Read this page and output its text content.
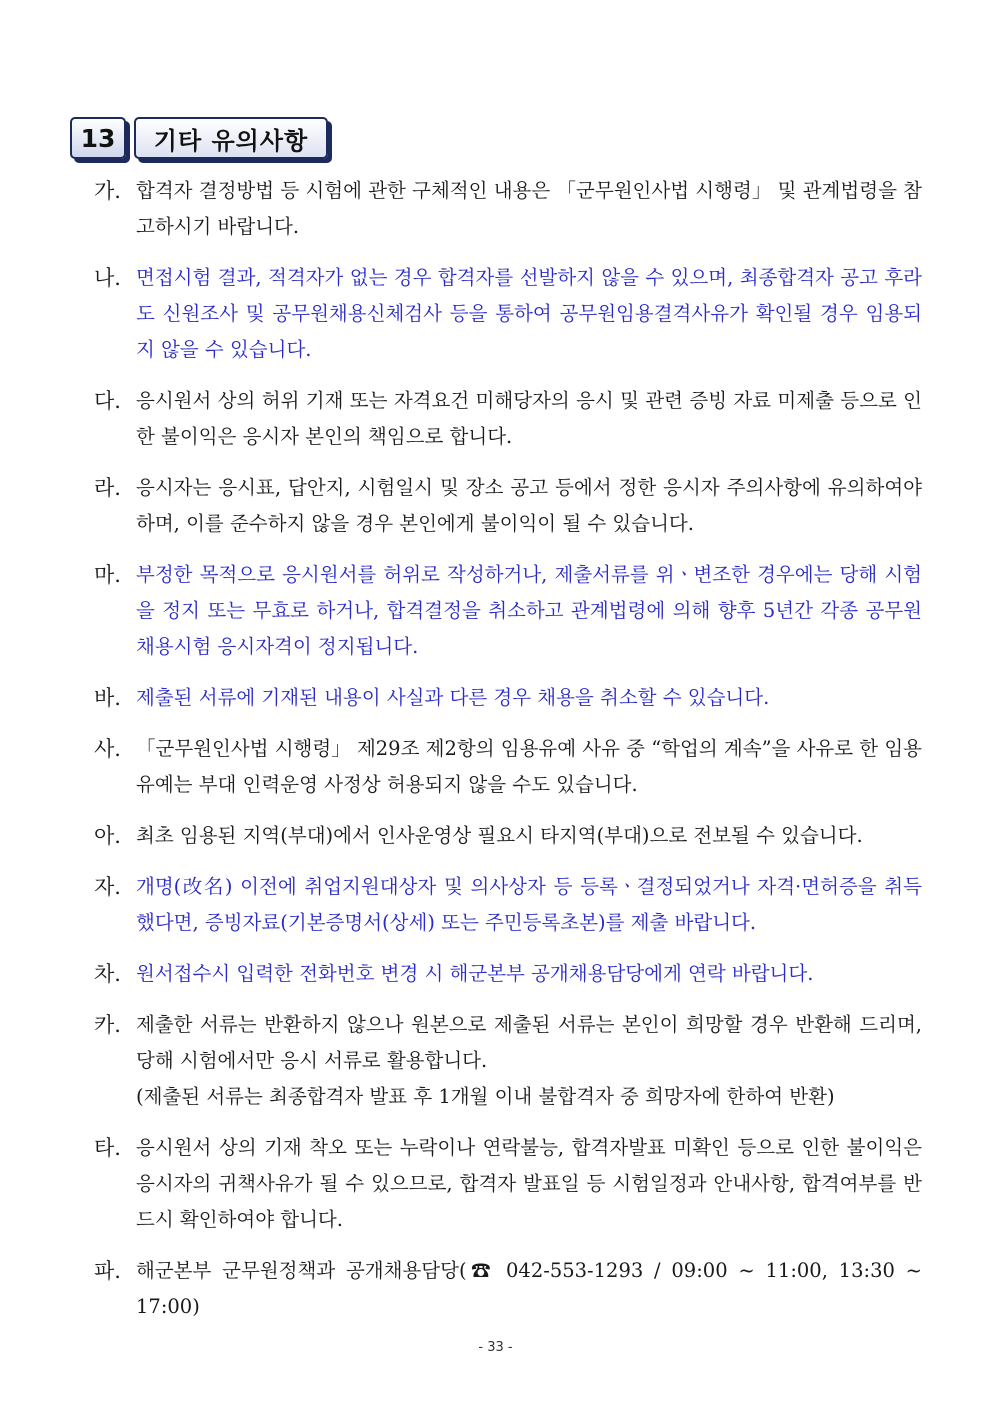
13	기타 유의사항
가. 합격자 결정방법 등 시험에 관한 구체적인 내용은 「군무원인사법 시행령」 및 관계법령을 참고하시기 바랍니다.
나. 면접시험 결과, 적격자가 없는 경우 합격자를 선발하지 않을 수 있으며, 최종합격자 공고 후라도 신원조사 및 공무원채용신체검사 등을 통하여 공무원임용결격사유가 확인될 경우 임용되지 않을 수 있습니다.
다. 응시원서 상의 허위 기재 또는 자격요건 미해당자의 응시 및 관련 증빙 자료 미제출 등으로 인한 불이익은 응시자 본인의 책임으로 합니다.
라. 응시자는 응시표, 답안지, 시험일시 및 장소 공고 등에서 정한 응시자 주의사항에 유의하여야 하며, 이를 준수하지 않을 경우 본인에게 불이익이 될 수 있습니다.
마. 부정한 목적으로 응시원서를 허위로 작성하거나, 제출서류를 위ㆍ변조한 경우에는 당해 시험을 정지 또는 무효로 하거나, 합격결정을 취소하고 관계법령에 의해 향후 5년간 각종 공무원채용시험 응시자격이 정지됩니다.
바. 제출된 서류에 기재된 내용이 사실과 다른 경우 채용을 취소할 수 있습니다.
사. 「군무원인사법 시행령」 제29조 제2항의 임용유예 사유 중 “학업의 계속”을 사유로 한 임용유예는 부대 인력운영 사정상 허용되지 않을 수도 있습니다.
아. 최초 임용된 지역(부대)에서 인사운영상 필요시 타지역(부대)으로 전보될 수 있습니다.
자. 개명(改名) 이전에 취업지원대상자 및 의사상자 등 등록ㆍ결정되었거나 자격·면허증을 취득했다면, 증빙자료(기본증명서(상세) 또는 주민등록초본)를 제출 바랍니다.
차. 원서접수시 입력한 전화번호 변경 시 해군본부 공개채용담당에게 연락 바랍니다.
카. 제출한 서류는 반환하지 않으나 원본으로 제출된 서류는 본인이 희망할 경우 반환해 드리며, 당해 시험에서만 응시 서류로 활용합니다.
(제출된 서류는 최종합격자 발표 후 1개월 이내 불합격자 중 희망자에 한하여 반환)
타. 응시원서 상의 기재 착오 또는 누락이나 연락불능, 합격자발표 미확인 등으로 인한 불이익은 응시자의 귀책사유가 될 수 있으므로, 합격자 발표일 등 시험일정과 안내사항, 합격여부를 반드시 확인하여야 합니다.
파. 해군본부 군무원정책과 공개채용담당(☎ 042-553-1293 / 09:00 ~ 11:00, 13:30 ~ 17:00)
- 33 -
